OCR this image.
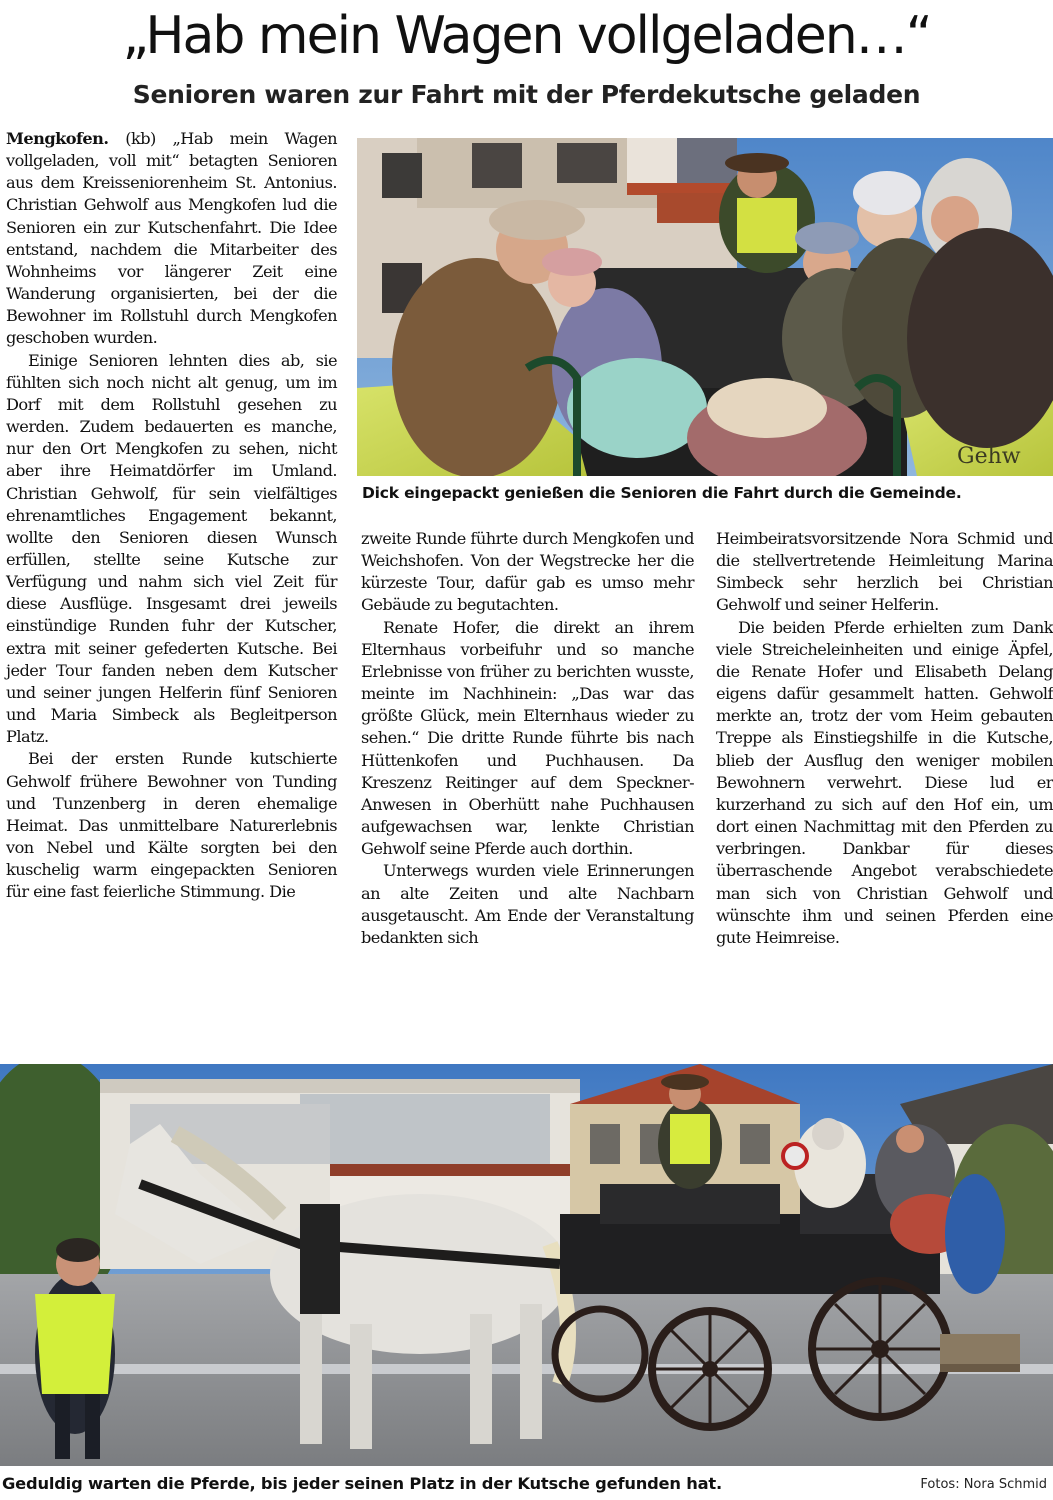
„Hab mein Wagen vollgeladen…“
Senioren waren zur Fahrt mit der Pferdekutsche geladen

Mengkofen. (kb) „Hab mein Wagen vollgeladen, voll mit“ betagten Senioren aus dem Kreisseniorenheim St. Antonius. Christian Gehwolf aus Mengkofen lud die Senioren ein zur Kutschenfahrt. Die Idee entstand, nachdem die Mitarbeiter des Wohnheims vor längerer Zeit eine Wanderung organisierten, bei der die Bewohner im Rollstuhl durch Mengkofen geschoben wurden.

Einige Senioren lehnten dies ab, sie fühlten sich noch nicht alt genug, um im Dorf mit dem Rollstuhl gesehen zu werden. Zudem bedauerten es manche, nur den Ort Mengkofen zu sehen, nicht aber ihre Heimatdörfer im Umland. Christian Gehwolf, für sein vielfältiges ehrenamtliches Engagement bekannt, wollte den Senioren diesen Wunsch erfüllen, stellte seine Kutsche zur Verfügung und nahm sich viel Zeit für diese Ausflüge. Insgesamt drei jeweils einstündige Runden fuhr der Kutscher, extra mit seiner gefederten Kutsche. Bei jeder Tour fanden neben dem Kutscher und seiner jungen Helferin fünf Senioren und Maria Simbeck als Begleitperson Platz.

Bei der ersten Runde kutschierte Gehwolf frühere Bewohner von Tunding und Tunzenberg in deren ehemalige Heimat. Das unmittelbare Naturerlebnis von Nebel und Kälte sorgten bei den kuschelig warm eingepackten Senioren für eine fast feierliche Stimmung. Die

Gehw
Dick eingepackt genießen die Senioren die Fahrt durch die Gemeinde.

zweite Runde führte durch Mengkofen und Weichshofen. Von der Wegstrecke her die kürzeste Tour, dafür gab es umso mehr Gebäude zu begutachten.

Renate Hofer, die direkt an ihrem Elternhaus vorbeifuhr und so manche Erlebnisse von früher zu berichten wusste, meinte im Nachhinein: „Das war das größte Glück, mein Elternhaus wieder zu sehen.“ Die dritte Runde führte bis nach Hüttenkofen und Puchhausen. Da Kreszenz Reitinger auf dem Speckner-Anwesen in Oberhütt nahe Puchhausen aufgewachsen war, lenkte Christian Gehwolf seine Pferde auch dorthin.

Unterwegs wurden viele Erinnerungen an alte Zeiten und alte Nachbarn ausgetauscht. Am Ende der Veranstaltung bedankten sich

Heimbeiratsvorsitzende Nora Schmid und die stellvertretende Heimleitung Marina Simbeck sehr herzlich bei Christian Gehwolf und seiner Helferin.

Die beiden Pferde erhielten zum Dank viele Streicheleinheiten und einige Äpfel, die Renate Hofer und Elisabeth Delang eigens dafür gesammelt hatten. Gehwolf merkte an, trotz der vom Heim gebauten Treppe als Einstiegshilfe in die Kutsche, blieb der Ausflug den weniger mobilen Bewohnern verwehrt. Diese lud er kurzerhand zu sich auf den Hof ein, um dort einen Nachmittag mit den Pferden zu verbringen. Dankbar für dieses überraschende Angebot verabschiedete man sich von Christian Gehwolf und wünschte ihm und seinen Pferden eine gute Heimreise.

Geduldig warten die Pferde, bis jeder seinen Platz in der Kutsche gefunden hat.	Fotos: Nora Schmid
